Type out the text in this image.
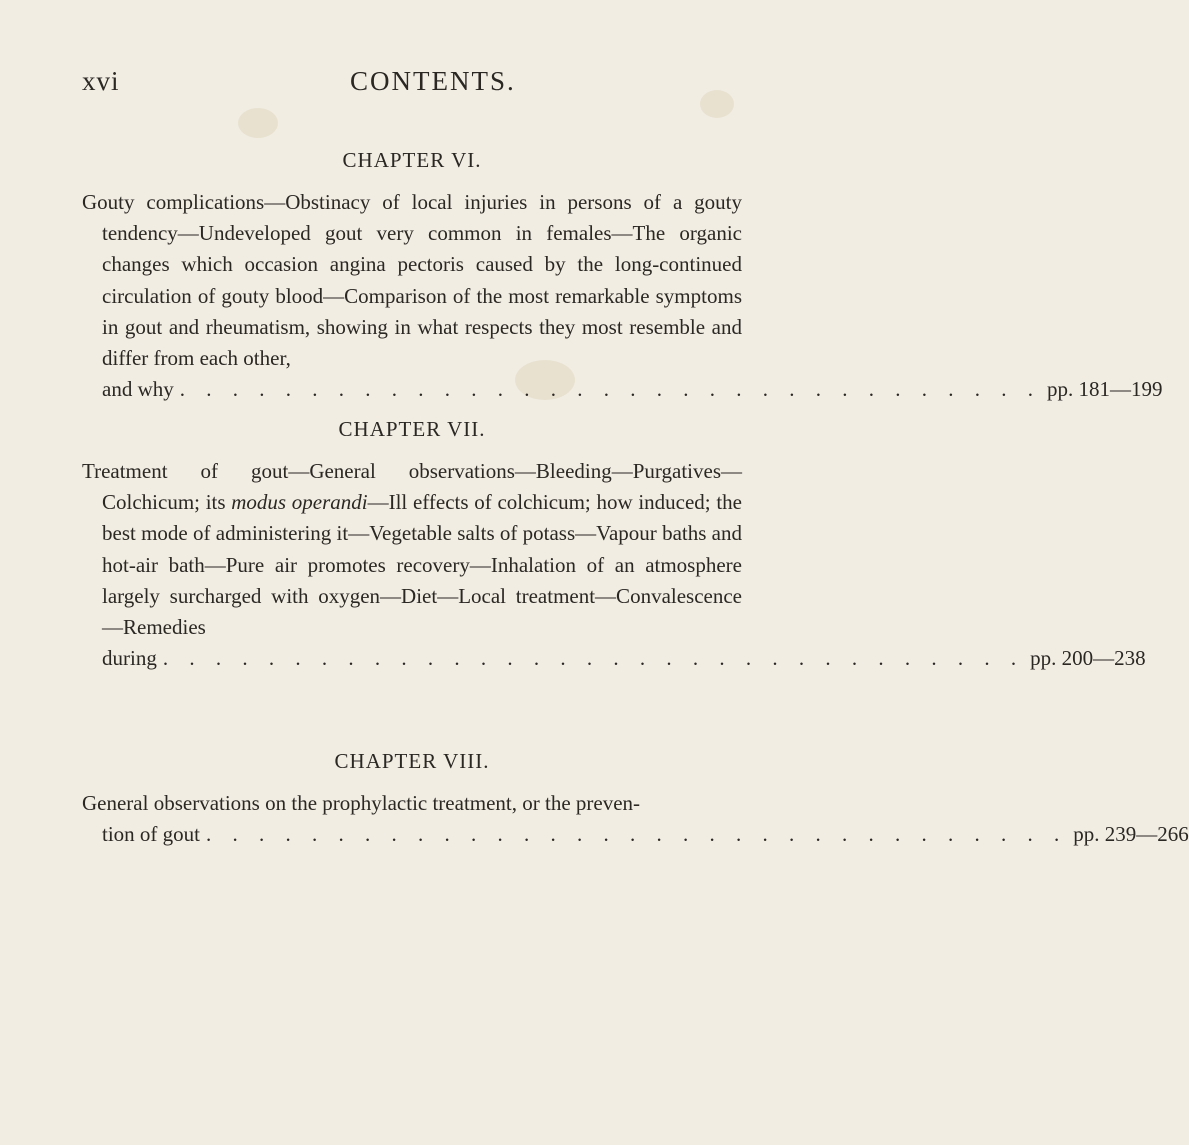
xvi	CONTENTS.
CHAPTER VI.
Gouty complications—Obstinacy of local injuries in persons of a gouty tendency—Undeveloped gout very common in females—The organic changes which occasion angina pectoris caused by the long-continued circulation of gouty blood—Comparison of the most remarkable symptoms in gout and rheumatism, showing in what respects they most resemble and differ from each other,
and why . . . . . . . . . . . . . . . . . . . . . . . . . . . . . . . . . pp. 181—199
CHAPTER VII.
Treatment of gout—General observations—Bleeding—Purgatives—Colchicum; its modus operandi—Ill effects of colchicum; how induced; the best mode of administering it—Vegetable salts of potass—Vapour baths and hot-air bath—Pure air promotes recovery—Inhalation of an atmosphere largely surcharged with oxygen—Diet—Local treatment—Convalescence—Remedies
during . . . . . . . . . . . . . . . . . . . . . . . . . . . . . . . . . pp. 200—238
CHAPTER VIII.
General observations on the prophylactic treatment, or the preven-
tion of gout . . . . . . . . . . . . . . . . . . . . . . . . . . . . . . . . . pp. 239—266
